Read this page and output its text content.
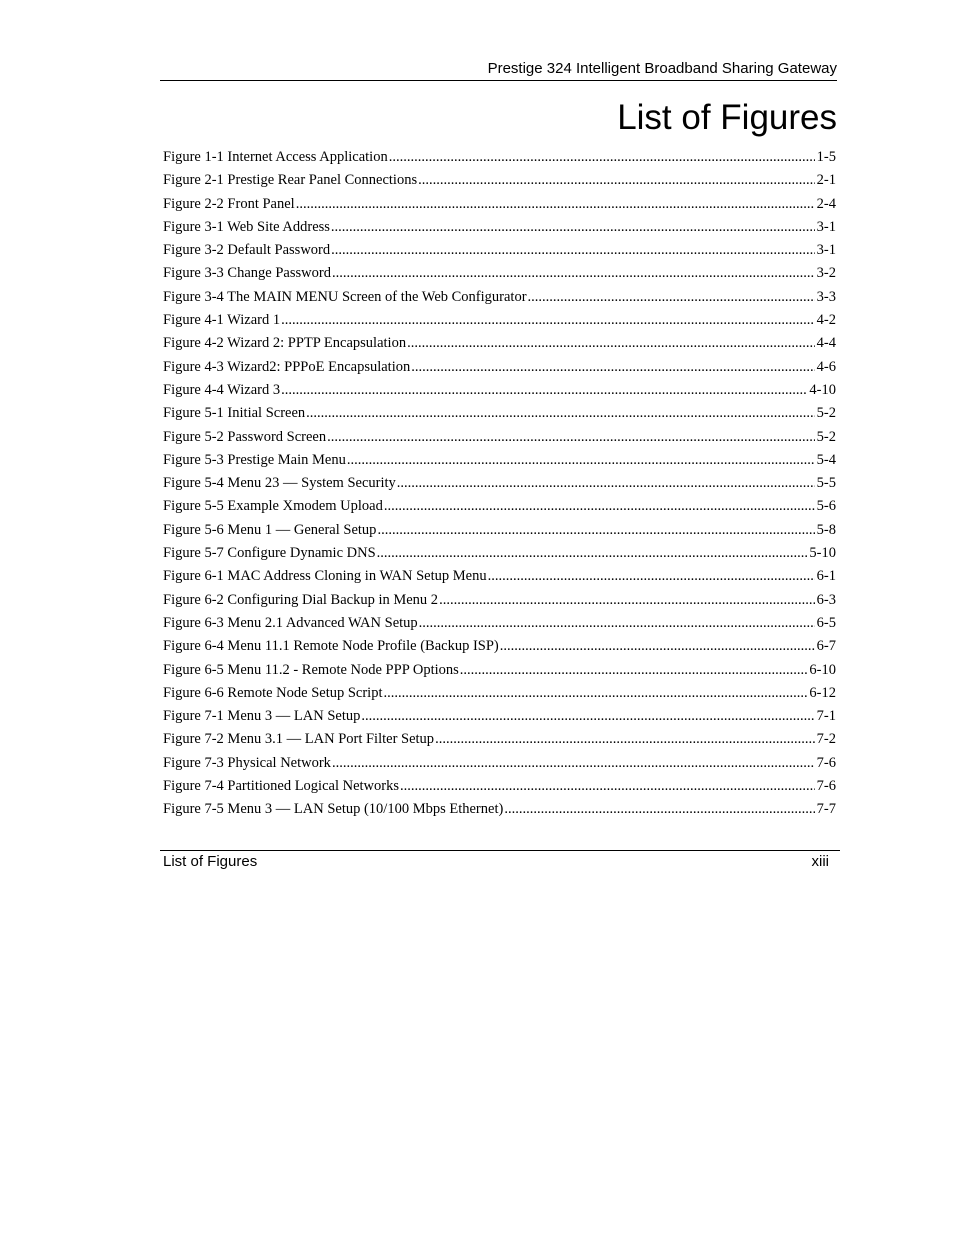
Prestige 324 Intelligent Broadband Sharing Gateway
List of Figures
Figure 1-1 Internet Access Application .....	1-5
Figure 2-1 Prestige Rear Panel Connections .....	2-1
Figure 2-2 Front Panel .....	2-4
Figure 3-1 Web Site Address .....	3-1
Figure 3-2 Default Password .....	3-1
Figure 3-3 Change Password .....	3-2
Figure 3-4 The MAIN MENU Screen of the Web Configurator .....	3-3
Figure 4-1 Wizard 1 .....	4-2
Figure 4-2 Wizard 2: PPTP Encapsulation .....	4-4
Figure 4-3 Wizard2: PPPoE Encapsulation .....	4-6
Figure 4-4 Wizard 3 .....	4-10
Figure 5-1 Initial Screen .....	5-2
Figure 5-2 Password Screen .....	5-2
Figure 5-3 Prestige Main Menu .....	5-4
Figure 5-4 Menu 23 — System Security .....	5-5
Figure 5-5 Example Xmodem Upload .....	5-6
Figure 5-6 Menu 1 — General Setup .....	5-8
Figure 5-7 Configure Dynamic DNS .....	5-10
Figure 6-1 MAC Address Cloning in WAN Setup Menu .....	6-1
Figure 6-2 Configuring Dial Backup in Menu 2 .....	6-3
Figure 6-3 Menu 2.1 Advanced WAN Setup .....	6-5
Figure 6-4 Menu 11.1 Remote Node Profile (Backup ISP) .....	6-7
Figure 6-5 Menu 11.2 - Remote Node PPP Options .....	6-10
Figure 6-6 Remote Node Setup Script .....	6-12
Figure 7-1 Menu 3 — LAN Setup .....	7-1
Figure 7-2 Menu 3.1 — LAN Port Filter Setup .....	7-2
Figure 7-3 Physical Network .....	7-6
Figure 7-4 Partitioned Logical Networks .....	7-6
Figure 7-5 Menu 3 — LAN Setup (10/100 Mbps Ethernet) .....	7-7
List of Figures	xiii
